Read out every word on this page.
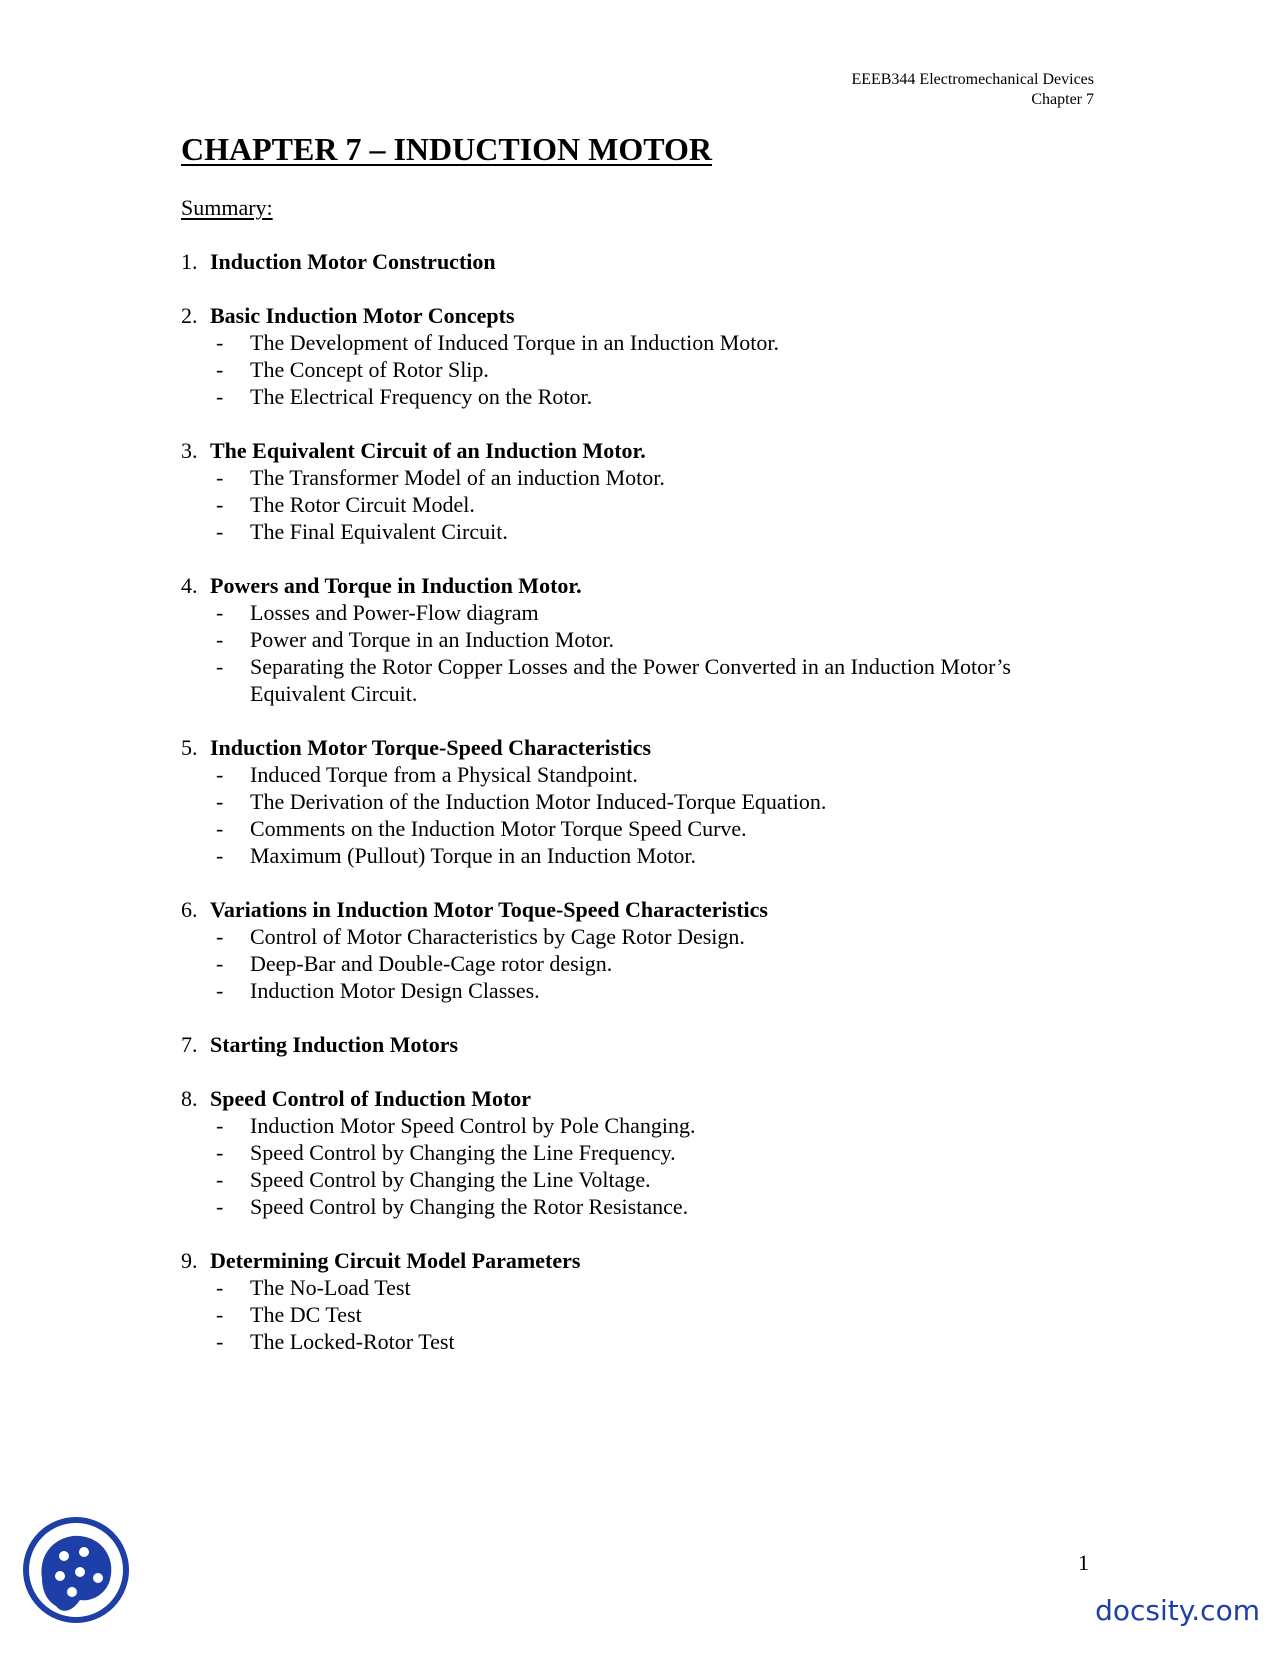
EEEB344 Electromechanical Devices
Chapter 7
CHAPTER 7 – INDUCTION MOTOR
Summary:
1. Induction Motor Construction
2. Basic Induction Motor Concepts
-	The Development of Induced Torque in an Induction Motor.
-	The Concept of Rotor Slip.
-	The Electrical Frequency on the Rotor.
3. The Equivalent Circuit of an Induction Motor.
-	The Transformer Model of an induction Motor.
-	The Rotor Circuit Model.
-	The Final Equivalent Circuit.
4. Powers and Torque in Induction Motor.
-	Losses and Power-Flow diagram
-	Power and Torque in an Induction Motor.
-	Separating the Rotor Copper Losses and the Power Converted in an Induction Motor’s Equivalent Circuit.
5. Induction Motor Torque-Speed Characteristics
-	Induced Torque from a Physical Standpoint.
-	The Derivation of the Induction Motor Induced-Torque Equation.
-	Comments on the Induction Motor Torque Speed Curve.
-	Maximum (Pullout) Torque in an Induction Motor.
6. Variations in Induction Motor Toque-Speed Characteristics
-	Control of Motor Characteristics by Cage Rotor Design.
-	Deep-Bar and Double-Cage rotor design.
-	Induction Motor Design Classes.
7. Starting Induction Motors
8. Speed Control of Induction Motor
-	Induction Motor Speed Control by Pole Changing.
-	Speed Control by Changing the Line Frequency.
-	Speed Control by Changing the Line Voltage.
-	Speed Control by Changing the Rotor Resistance.
9. Determining Circuit Model Parameters
-	The No-Load Test
-	The DC Test
-	The Locked-Rotor Test
1
docsity.com
